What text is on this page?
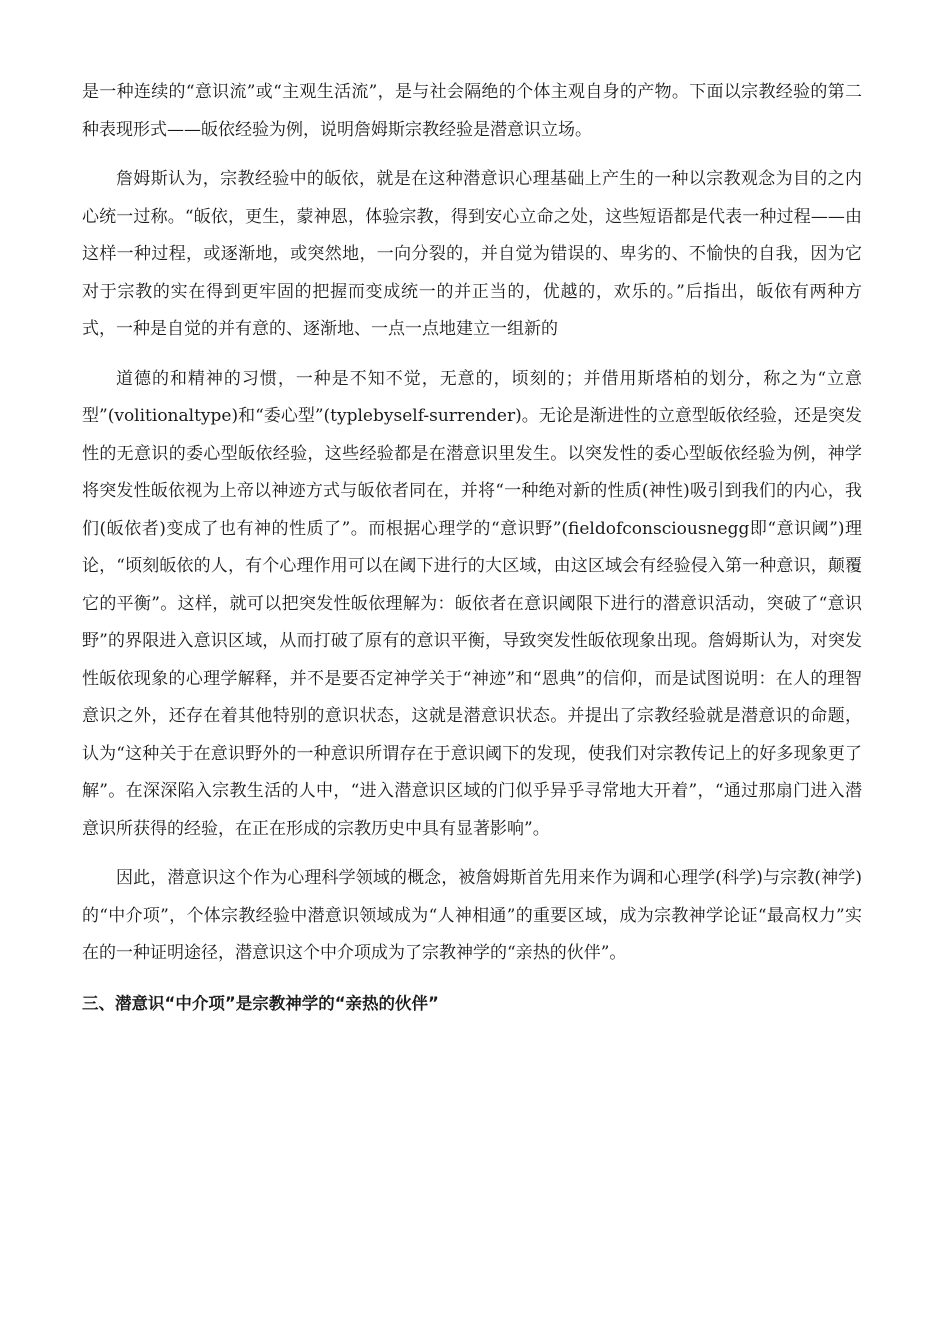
是一种连续的“意识流”或“主观生活流”，是与社会隔绝的个体主观自身的产物。下面以宗教经验的第二种表现形式——皈依经验为例，说明詹姆斯宗教经验是潜意识立场。

詹姆斯认为，宗教经验中的皈依，就是在这种潜意识心理基础上产生的一种以宗教观念为目的之内心统一过称。“皈依，更生，蒙神恩，体验宗教，得到安心立命之处，这些短语都是代表一种过程——由这样一种过程，或逐渐地，或突然地，一向分裂的，并自觉为错误的、卑劣的、不愉快的自我，因为它对于宗教的实在得到更牢固的把握而变成统一的并正当的，优越的，欢乐的。”后指出，皈依有两种方式，一种是自觉的并有意的、逐渐地、一点一点地建立一组新的

道德的和精神的习惯，一种是不知不觉，无意的，顷刻的；并借用斯塔柏的划分，称之为“立意型”(volitionaltype)和“委心型”(typlebyself-surrender)。无论是渐进性的立意型皈依经验，还是突发性的无意识的委心型皈依经验，这些经验都是在潜意识里发生。以突发性的委心型皈依经验为例，神学将突发性皈依视为上帝以神迹方式与皈依者同在，并将“一种绝对新的性质(神性)吸引到我们的内心，我们(皈依者)变成了也有神的性质了”。而根据心理学的“意识野”(fieldofconsciousnegg即“意识阈”)理论，“顷刻皈依的人，有个心理作用可以在阈下进行的大区域，由这区域会有经验侵入第一种意识，颠覆它的平衡”。这样，就可以把突发性皈依理解为：皈依者在意识阈限下进行的潜意识活动，突破了“意识野”的界限进入意识区域，从而打破了原有的意识平衡，导致突发性皈依现象出现。詹姆斯认为，对突发性皈依现象的心理学解释，并不是要否定神学关于“神迹”和“恩典”的信仰，而是试图说明：在人的理智意识之外，还存在着其他特别的意识状态，这就是潜意识状态。并提出了宗教经验就是潜意识的命题，认为“这种关于在意识野外的一种意识所谓存在于意识阈下的发现，使我们对宗教传记上的好多现象更了解”。在深深陷入宗教生活的人中，“进入潜意识区域的门似乎异乎寻常地大开着”，“通过那扇门进入潜意识所获得的经验，在正在形成的宗教历史中具有显著影响”。

因此，潜意识这个作为心理科学领域的概念，被詹姆斯首先用来作为调和心理学(科学)与宗教(神学)的“中介项”，个体宗教经验中潜意识领域成为“人神相通”的重要区域，成为宗教神学论证“最高权力”实在的一种证明途径，潜意识这个中介项成为了宗教神学的“亲热的伙伴”。

三、潜意识“中介项”是宗教神学的“亲热的伙伴”
